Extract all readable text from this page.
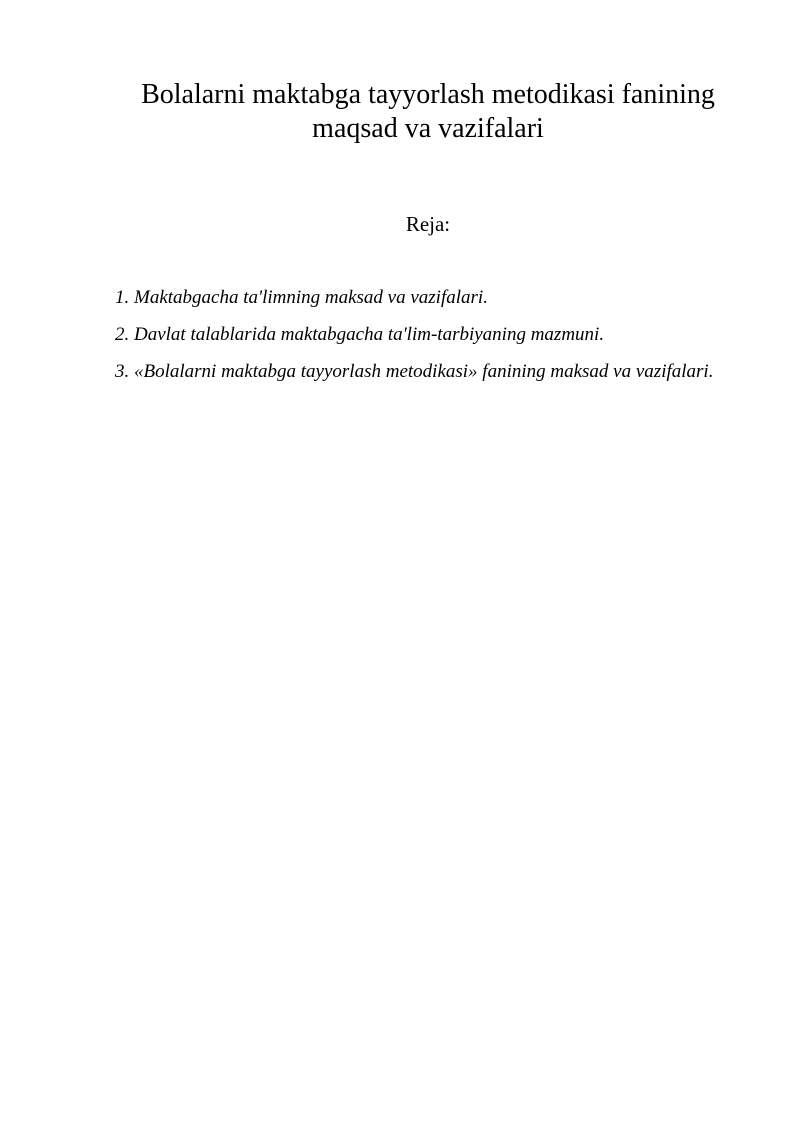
Bolalarni maktabga tayyorlash metodikasi fanining
maqsad va vazifalari
Reja:
1. Maktabgacha ta'limning maksad va vazifalari.
2. Davlat talablarida maktabgacha ta'lim-tarbiyaning mazmuni.
3. «Bolalarni maktabga tayyorlash metodikasi» fanining maksad va vazifalari.
